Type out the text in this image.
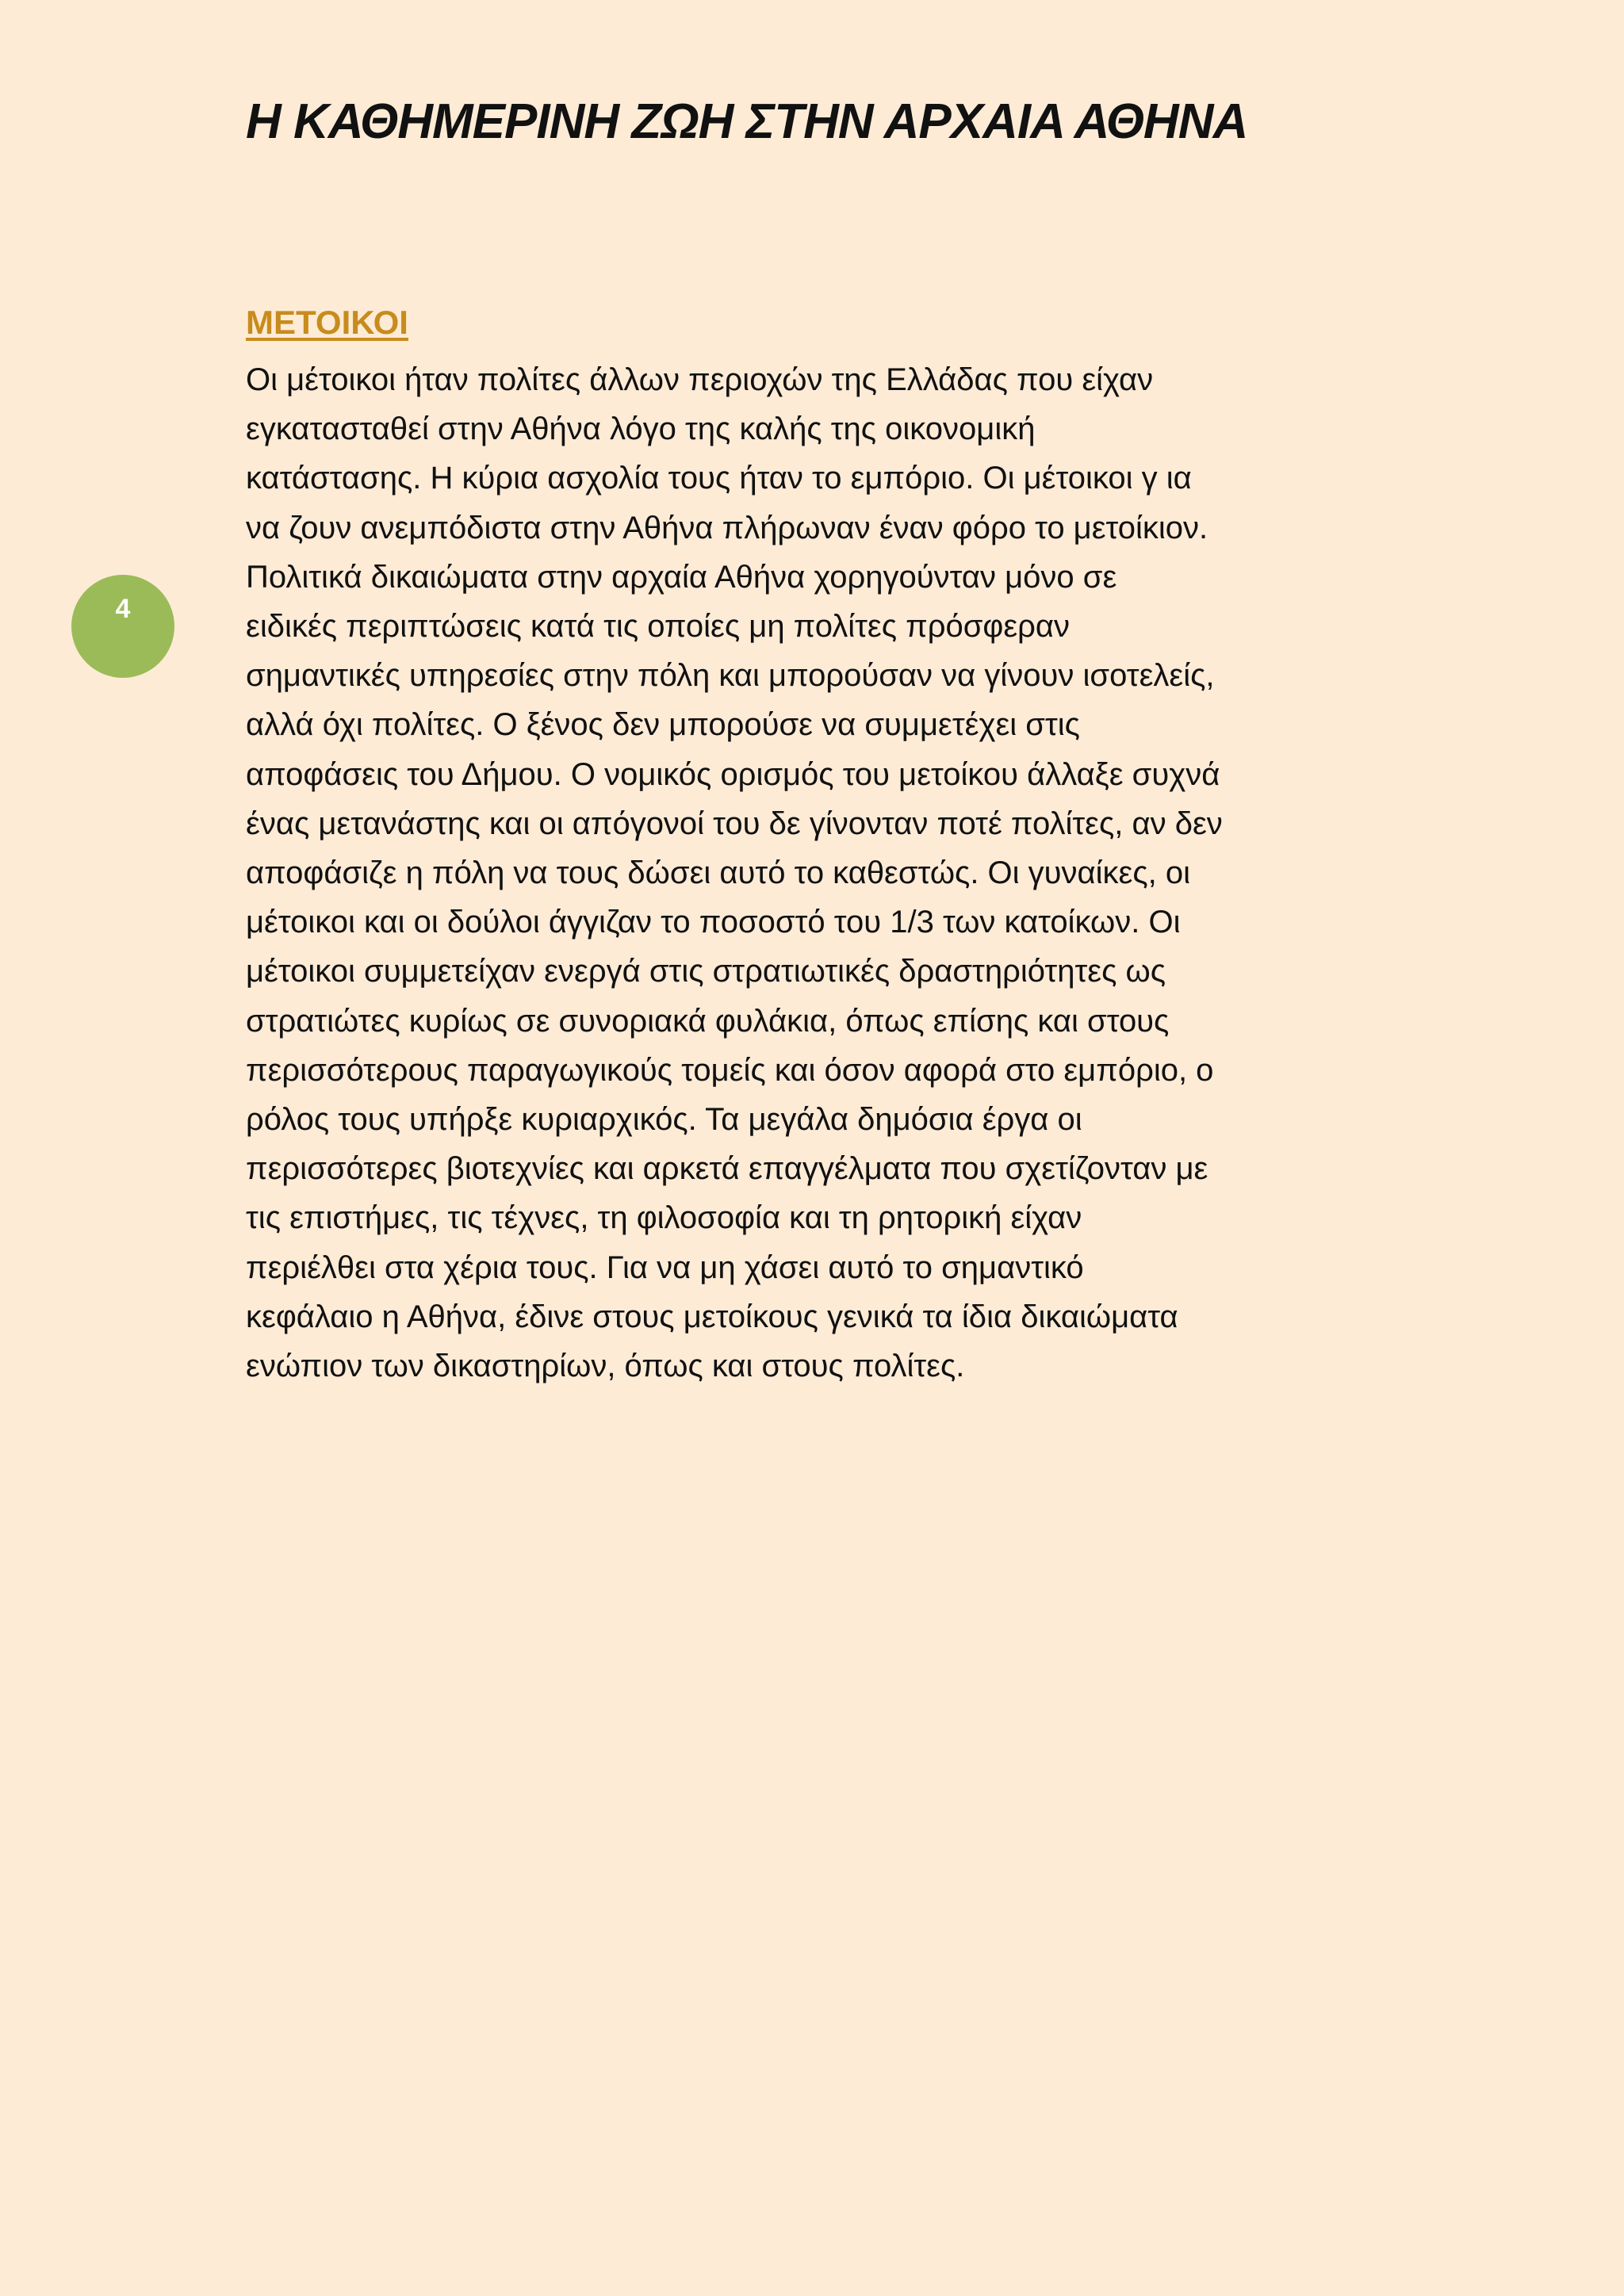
Η ΚΑΘΗΜΕΡΙΝΗ ΖΩΗ ΣΤΗΝ ΑΡΧΑΙΑ ΑΘΗΝΑ
4
ΜΕΤΟΙΚΟΙ
Οι μέτοικοι ήταν πολίτες άλλων περιοχών της Ελλάδας που είχαν
εγκατασταθεί στην Αθήνα λόγο της καλής της οικονομική
κατάστασης. Η κύρια ασχολία τους ήταν το εμπόριο. Οι μέτοικοι γ ια
να ζουν ανεμπόδιστα στην Αθήνα πλήρωναν έναν φόρο το μετοίκιον.
Πολιτικά δικαιώματα στην αρχαία Αθήνα χορηγούνταν μόνο σε
ειδικές περιπτώσεις κατά τις οποίες μη πολίτες πρόσφεραν
σημαντικές υπηρεσίες στην πόλη και μπορούσαν να γίνουν ισοτελείς,
αλλά όχι πολίτες. Ο ξένος δεν μπορούσε να συμμετέχει στις
αποφάσεις του Δήμου. Ο νομικός ορισμός του μετοίκου άλλαξε συχνά
ένας μετανάστης και οι απόγονοί του δε γίνονταν ποτέ πολίτες, αν δεν
αποφάσιζε η πόλη να τους δώσει αυτό το καθεστώς. Οι γυναίκες, οι
μέτοικοι και οι δούλοι άγγιζαν το ποσοστό του 1/3 των κατοίκων. Οι
μέτοικοι συμμετείχαν ενεργά στις στρατιωτικές δραστηριότητες ως
στρατιώτες κυρίως σε συνοριακά φυλάκια, όπως επίσης και στους
περισσότερους παραγωγικούς τομείς και όσον αφορά στο εμπόριο, ο
ρόλος τους υπήρξε κυριαρχικός. Τα μεγάλα δημόσια έργα οι
περισσότερες βιοτεχνίες και αρκετά επαγγέλματα που σχετίζονταν με
τις επιστήμες, τις τέχνες, τη φιλοσοφία και τη ρητορική είχαν
περιέλθει στα χέρια τους. Για να μη χάσει αυτό το σημαντικό
κεφάλαιο η Αθήνα, έδινε στους μετοίκους γενικά τα ίδια δικαιώματα
ενώπιον των δικαστηρίων, όπως και στους πολίτες.
